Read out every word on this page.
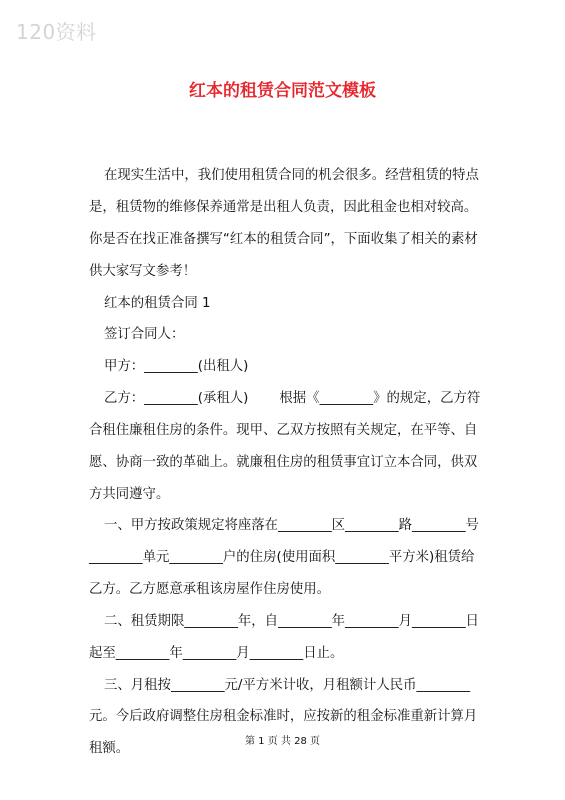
120资料
红本的租赁合同范文模板
在现实生活中，我们使用租赁合同的机会很多。经营租赁的特点
是，租赁物的维修保养通常是出租人负责，因此租金也相对较高。
你是否在找正准备撰写“红本的租赁合同”，下面收集了相关的素材
供大家写文参考！
红本的租赁合同 1
签订合同人：
甲方：________(出租人)
乙方：________(承租人)　　 根据《________》的规定，乙方符
合租住廉租住房的条件。现甲、乙双方按照有关规定，在平等、自
愿、协商一致的革础上。就廉租住房的租赁事宜订立本合同，供双
方共同遵守。
一、甲方按政策规定将座落在________区________路________号
________单元________户的住房(使用面积________平方米)租赁给
乙方。乙方愿意承租该房屋作住房使用。
二、租赁期限________年，自________年________月________日
起至________年________月________日止。
三、月租按________元/平方米计收，月租额计人民币________
元。今后政府调整住房租金标准时，应按新的租金标准重新计算月
租额。	第 1 页 共 28 页
